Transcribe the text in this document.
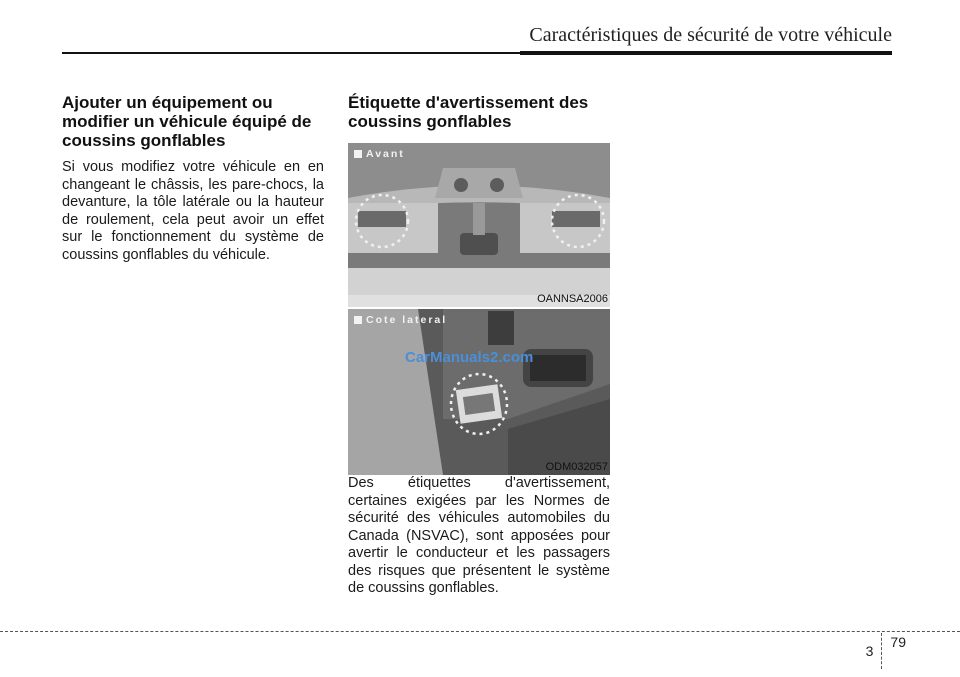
Caractéristiques de sécurité de votre véhicule
Ajouter un équipement ou modifier un véhicule équipé de coussins gonflables

Si vous modifiez votre véhicule en en changeant le châssis, les pare-chocs, la devanture, la tôle latérale ou la hauteur de roulement, cela peut avoir un effet sur le fonctionnement du système de coussins gonflables du véhicule.

Étiquette d'avertissement des coussins gonflables
Avant
OANNSA2006
Cote lateral
CarManuals2.com
ODM032057

Des étiquettes d'avertissement, certaines exigées par les Normes de sécurité des véhicules automobiles du Canada (NSVAC), sont apposées pour avertir le conducteur et les passagers des risques que présentent le système de coussins gonflables.

3
79
